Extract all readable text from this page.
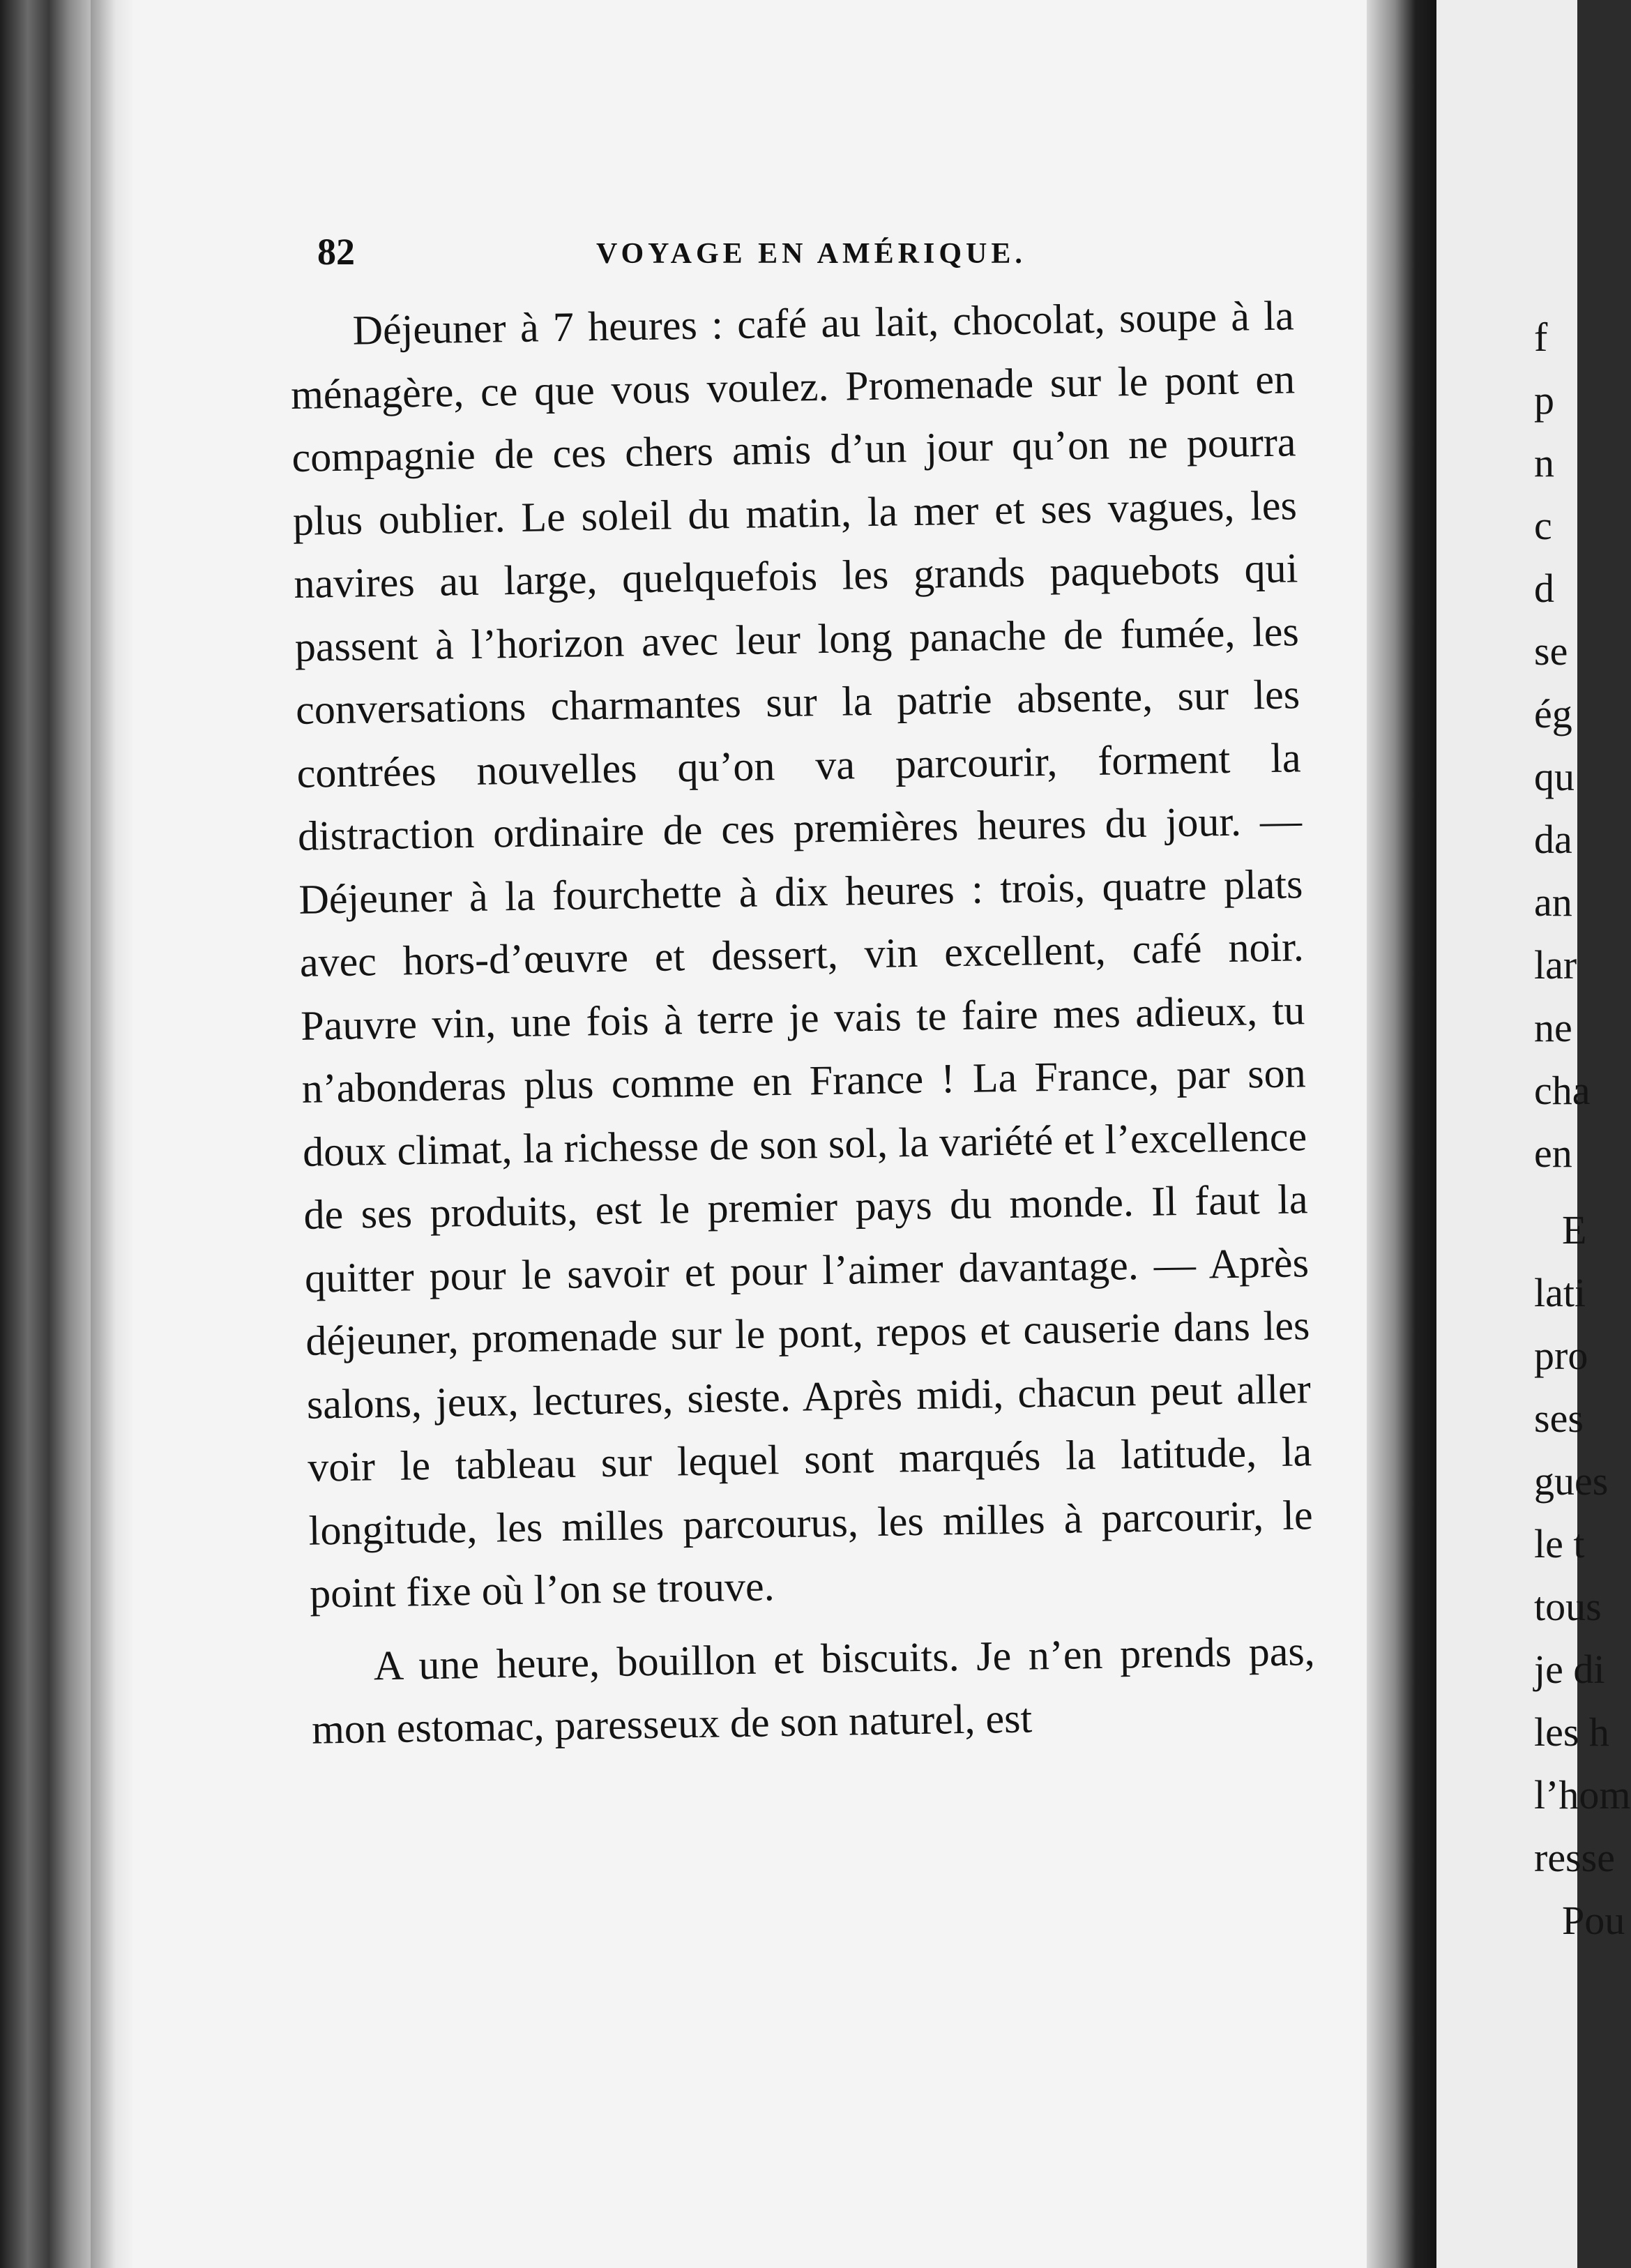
82	VOYAGE EN AMÉRIQUE.

Déjeuner à 7 heures : café au lait, chocolat, soupe à la ménagère, ce que vous voulez. Promenade sur le pont en compagnie de ces chers amis d’un jour qu’on ne pourra plus oublier. Le soleil du matin, la mer et ses vagues, les navires au large, quelquefois les grands paquebots qui passent à l’horizon avec leur long panache de fumée, les conversations charmantes sur la patrie absente, sur les contrées nouvelles qu’on va parcourir, forment la distraction ordinaire de ces premières heures du jour. — Déjeuner à la fourchette à dix heures : trois, quatre plats avec hors-d’œuvre et dessert, vin excellent, café noir. Pauvre vin, une fois à terre je vais te faire mes adieux, tu n’abonderas plus comme en France ! La France, par son doux climat, la richesse de son sol, la variété et l’excellence de ses produits, est le premier pays du monde. Il faut la quitter pour le savoir et pour l’aimer davantage. — Après déjeuner, promenade sur le pont, repos et causerie dans les salons, jeux, lectures, sieste. Après midi, chacun peut aller voir le tableau sur lequel sont marqués la latitude, la longitude, les milles parcourus, les milles à parcourir, le point fixe où l’on se trouve.

A une heure, bouillon et biscuits. Je n’en prends pas, mon estomac, paresseux de son naturel, est

f
p
n
c
d
se
ég
qu
da
an
lar
ne
cha
en
E
lati
pro
ses
gues
le t
tous
je di
les h
l’hom
resse
Pou
